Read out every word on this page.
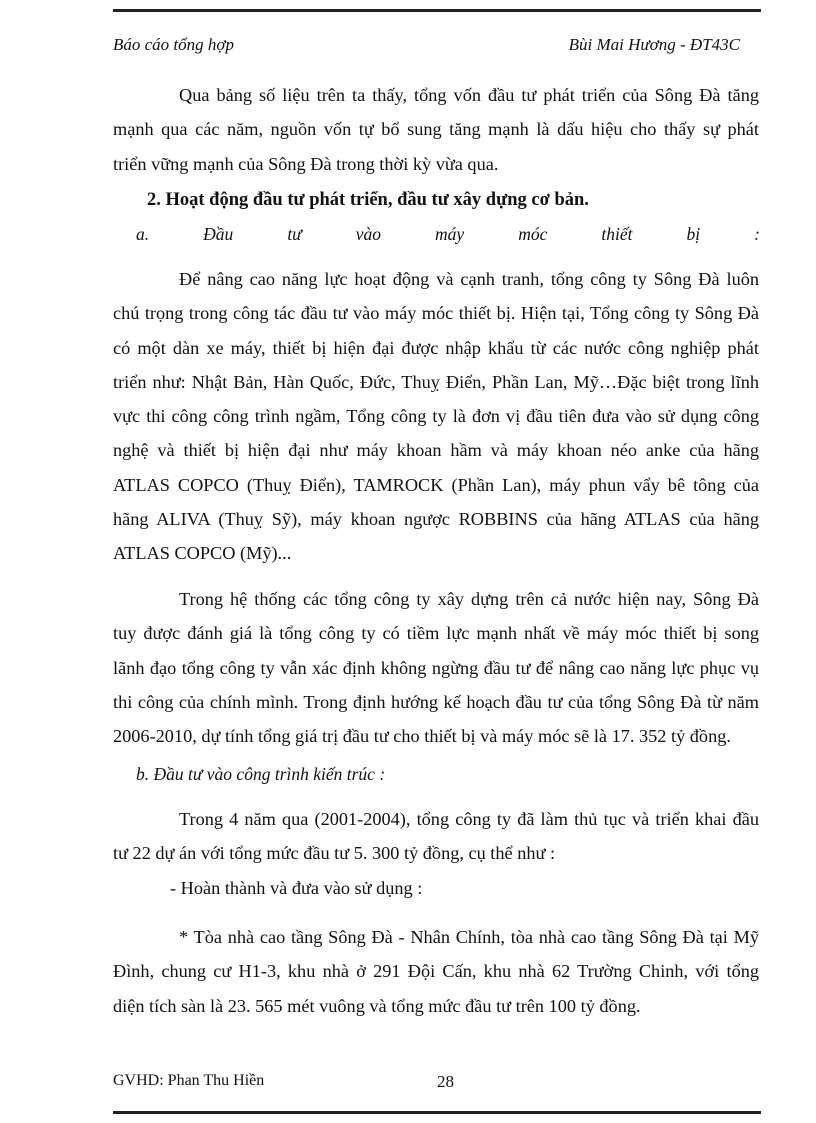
Báo cáo tổng hợp	Bùi Mai Hương - ĐT43C
Qua bảng số liệu trên ta thấy, tổng vốn đầu tư phát triển của Sông Đà tăng
mạnh qua các năm, nguồn vốn tự bổ sung tăng mạnh là dấu hiệu cho thấy sự phát
triển vững mạnh của Sông Đà trong thời kỳ vừa qua.
2. Hoạt động đầu tư phát triển, đầu tư xây dựng cơ bản.
a. Đầu tư vào máy móc thiết bị :
Để nâng cao năng lực hoạt động và cạnh tranh, tổng công ty Sông Đà luôn
chú trọng trong công tác đầu tư vào máy móc thiết bị. Hiện tại, Tổng công ty Sông Đà
có một dàn xe máy, thiết bị hiện đại được nhập khẩu từ các nước công nghiệp phát
triển như: Nhật Bản, Hàn Quốc, Đức, Thuỵ Điển, Phần Lan, Mỹ…Đặc biệt trong lĩnh
vực thi công công trình ngầm, Tổng công ty là đơn vị đầu tiên đưa vào sử dụng công
nghệ và thiết bị hiện đại như máy khoan hầm và máy khoan néo anke của hãng
ATLAS COPCO (Thuỵ Điển), TAMROCK (Phần Lan), máy phun vẩy bê tông của
hãng ALIVA (Thuỵ Sỹ), máy khoan ngược ROBBINS của hãng ATLAS của hãng
ATLAS COPCO (Mỹ)...
Trong hệ thống các tổng công ty xây dựng trên cả nước hiện nay, Sông Đà
tuy được đánh giá là tổng công ty có tiềm lực mạnh nhất về máy móc thiết bị song
lãnh đạo tổng công ty vẫn xác định không ngừng đầu tư để nâng cao năng lực phục vụ
thi công của chính mình. Trong định hướng kế hoạch đầu tư của tổng Sông Đà từ năm
2006-2010, dự tính tổng giá trị đầu tư cho thiết bị và máy móc sẽ là 17. 352 tỷ đồng.
b. Đầu tư vào công trình kiến trúc :
Trong 4 năm qua (2001-2004), tổng công ty đã làm thủ tục và triển khai đầu
tư 22 dự án với tổng mức đầu tư 5. 300 tỷ đồng, cụ thể như :
- Hoàn thành và đưa vào sử dụng :
* Tòa nhà cao tầng Sông Đà - Nhân Chính, tòa nhà cao tầng Sông Đà tại Mỹ
Đình, chung cư H1-3, khu nhà ở 291 Đội Cấn, khu nhà 62 Trường Chinh, với tổng
diện tích sàn là 23. 565 mét vuông và tổng mức đầu tư trên 100 tỷ đồng.
GVHD: Phan Thu Hiền	28
